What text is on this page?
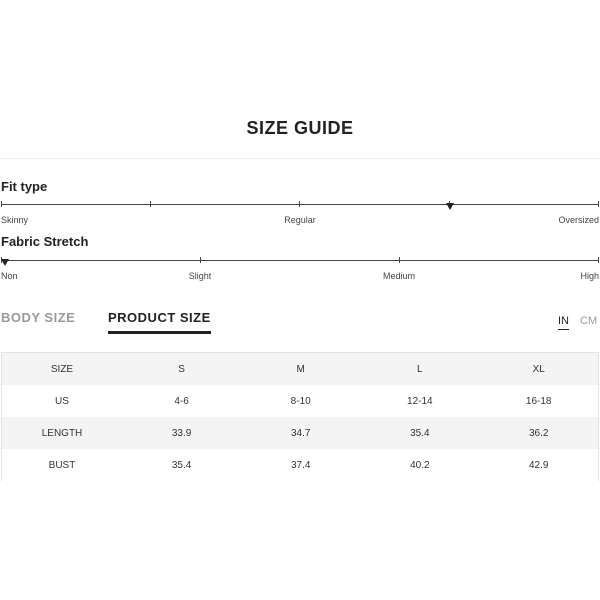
SIZE GUIDE
Fit type
Skinny	Regular	Oversized
Fabric Stretch
Non	Slight	Medium	High
BODY SIZE	PRODUCT SIZE	IN CM
SIZE	S	M	L	XL
US	4-6	8-10	12-14	16-18
LENGTH	33.9	34.7	35.4	36.2
BUST	35.4	37.4	40.2	42.9
